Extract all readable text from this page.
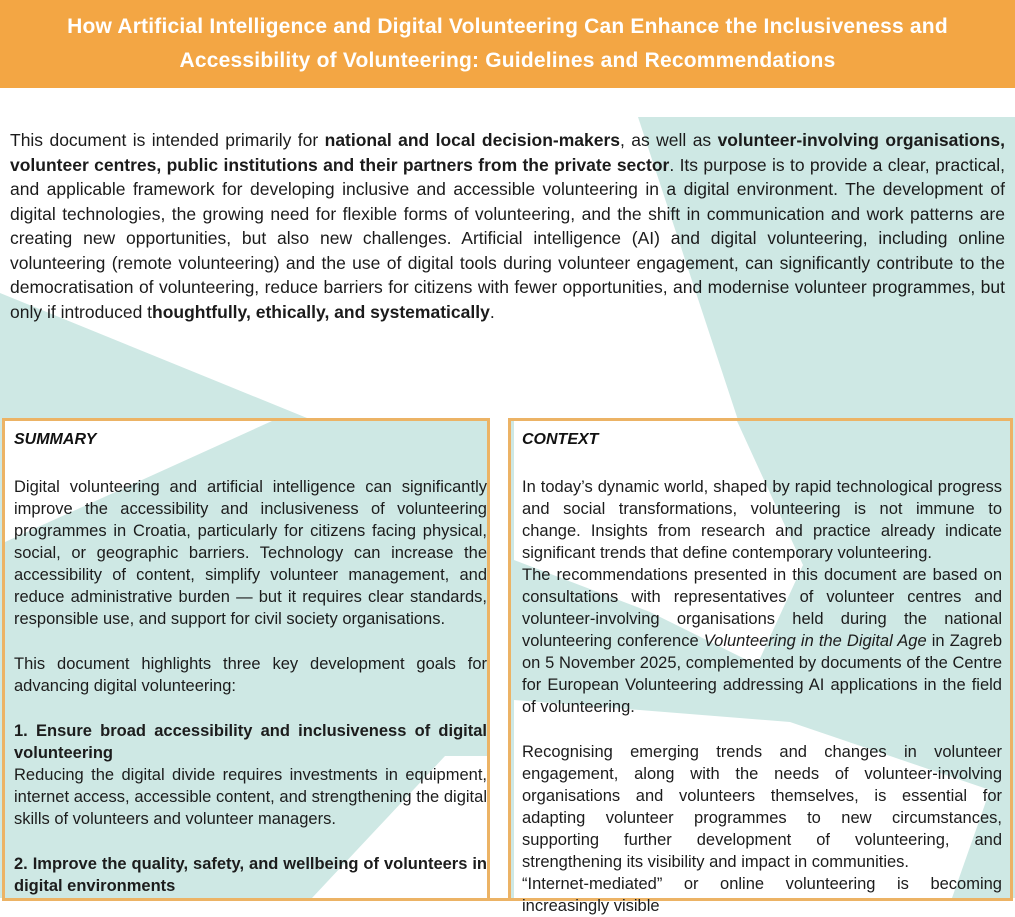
How Artificial Intelligence and Digital Volunteering Can Enhance the Inclusiveness and Accessibility of Volunteering: Guidelines and Recommendations

This document is intended primarily for national and local decision-makers, as well as volunteer-involving organisations, volunteer centres, public institutions and their partners from the private sector. Its purpose is to provide a clear, practical, and applicable framework for developing inclusive and accessible volunteering in a digital environment. The development of digital technologies, the growing need for flexible forms of volunteering, and the shift in communication and work patterns are creating new opportunities, but also new challenges. Artificial intelligence (AI) and digital volunteering, including online volunteering (remote volunteering) and the use of digital tools during volunteer engagement, can significantly contribute to the democratisation of volunteering, reduce barriers for citizens with fewer opportunities, and modernise volunteer programmes, but only if introduced thoughtfully, ethically, and systematically.

SUMMARY

Digital volunteering and artificial intelligence can significantly improve the accessibility and inclusiveness of volunteering programmes in Croatia, particularly for citizens facing physical, social, or geographic barriers. Technology can increase the accessibility of content, simplify volunteer management, and reduce administrative burden — but it requires clear standards, responsible use, and support for civil society organisations.

This document highlights three key development goals for advancing digital volunteering:

1. Ensure broad accessibility and inclusiveness of digital volunteering

Reducing the digital divide requires investments in equipment, internet access, accessible content, and strengthening the digital skills of volunteers and volunteer managers.

2. Improve the quality, safety, and wellbeing of volunteers in digital environments

CONTEXT

In today’s dynamic world, shaped by rapid technological progress and social transformations, volunteering is not immune to change. Insights from research and practice already indicate significant trends that define contemporary volunteering.

The recommendations presented in this document are based on consultations with representatives of volunteer centres and volunteer-involving organisations held during the national volunteering conference Volunteering in the Digital Age in Zagreb on 5 November 2025, complemented by documents of the Centre for European Volunteering addressing AI applications in the field of volunteering.

Recognising emerging trends and changes in volunteer engagement, along with the needs of volunteer-involving organisations and volunteers themselves, is essential for adapting volunteer programmes to new circumstances, supporting further development of volunteering, and strengthening its visibility and impact in communities.

“Internet-mediated” or online volunteering is becoming increasingly visible
